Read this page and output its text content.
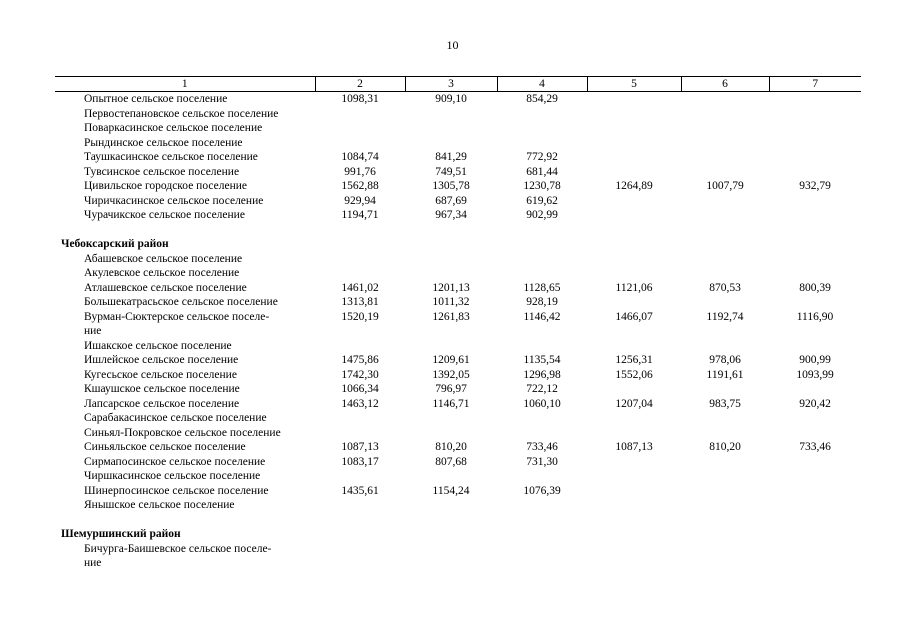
10
1	2	3	4	5	6	7
Опытное сельское поселение	1098,31	909,10	854,29			
Первостепановское сельское поселение						
Поваркасинское сельское поселение						
Рындинское сельское поселение						
Таушкасинское сельское поселение	1084,74	841,29	772,92			
Тувсинское сельское поселение	991,76	749,51	681,44			
Цивильское городское поселение	1562,88	1305,78	1230,78	1264,89	1007,79	932,79
Чиричкасинское сельское поселение	929,94	687,69	619,62			
Чурачикское сельское поселение	1194,71	967,34	902,99			

Чебоксарский район						
Абашевское сельское поселение						
Акулевское сельское поселение						
Атлашевское сельское поселение	1461,02	1201,13	1128,65	1121,06	870,53	800,39
Большекатрасьское сельское поселение	1313,81	1011,32	928,19			
Вурман-Сюктерское сельское поселе-	1520,19	1261,83	1146,42	1466,07	1192,74	1116,90
ние						
Ишакское сельское поселение						
Ишлейское сельское поселение	1475,86	1209,61	1135,54	1256,31	978,06	900,99
Кугесьское сельское поселение	1742,30	1392,05	1296,98	1552,06	1191,61	1093,99
Кшаушское сельское поселение	1066,34	796,97	722,12			
Лапсарское сельское поселение	1463,12	1146,71	1060,10	1207,04	983,75	920,42
Сарабакасинское сельское поселение						
Синьял-Покровское сельское поселение						
Синьяльское сельское поселение	1087,13	810,20	733,46	1087,13	810,20	733,46
Сирмапосинское сельское поселение	1083,17	807,68	731,30			
Чиршкасинское сельское поселение						
Шинерпосинское сельское поселение	1435,61	1154,24	1076,39			
Янышское сельское поселение						

Шемуршинский район						
Бичурга-Баишевское сельское поселе-						
ние						
